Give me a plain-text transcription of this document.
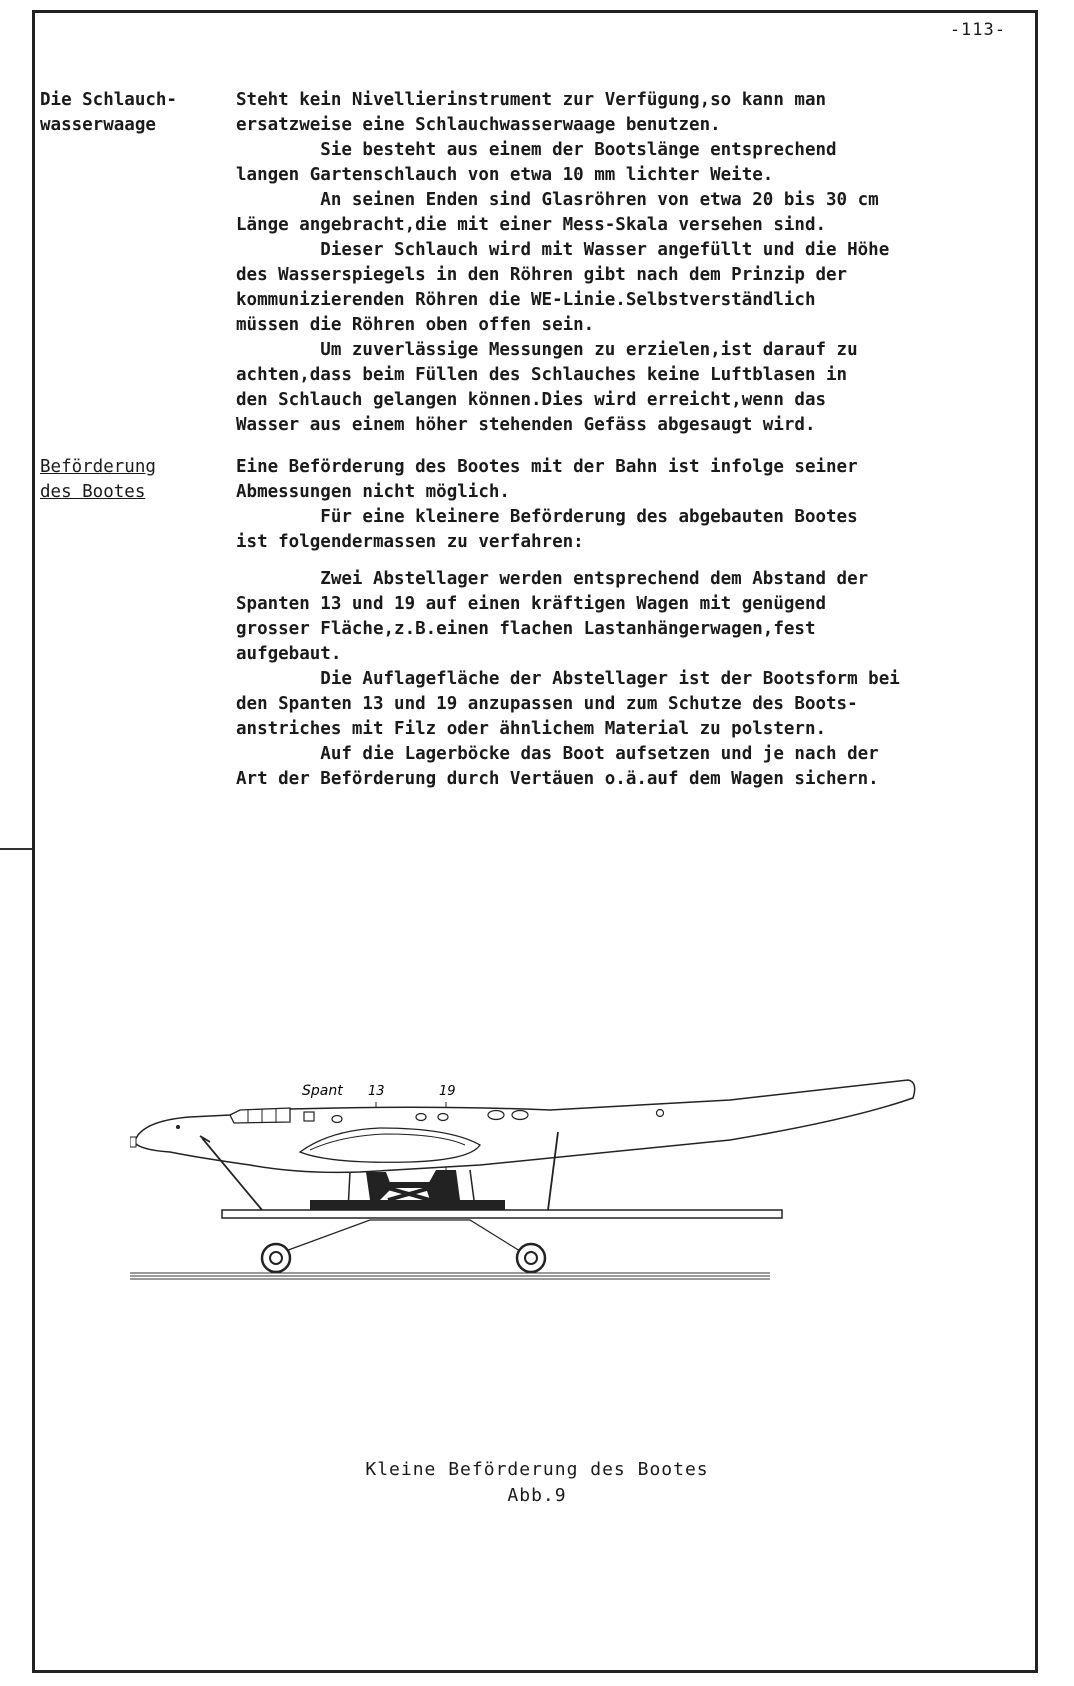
-113-
Die Schlauch-
wasserwaage

Steht kein Nivellierinstrument zur Verfügung,so kann man

ersatzweise eine Schlauchwasserwaage benutzen.

Sie besteht aus einem der Bootslänge entsprechend

langen Gartenschlauch von etwa 10 mm lichter Weite.

An seinen Enden sind Glasröhren von etwa 20 bis 30 cm

Länge angebracht,die mit einer Mess-Skala versehen sind.

Dieser Schlauch wird mit Wasser angefüllt und die Höhe

des Wasserspiegels in den Röhren gibt nach dem Prinzip der

kommunizierenden Röhren die WE-Linie.Selbstverständlich

müssen die Röhren oben offen sein.

Um zuverlässige Messungen zu erzielen,ist darauf zu

achten,dass beim Füllen des Schlauches keine Luftblasen in

den Schlauch gelangen können.Dies wird erreicht,wenn das

Wasser aus einem höher stehenden Gefäss abgesaugt wird.

Beförderung
des Bootes

Eine Beförderung des Bootes mit der Bahn ist infolge seiner

Abmessungen nicht möglich.

Für eine kleinere Beförderung des abgebauten Bootes

ist folgendermassen zu verfahren:

Zwei Abstellager werden entsprechend dem Abstand der

Spanten 13 und 19 auf einen kräftigen Wagen mit genügend

grosser Fläche,z.B.einen flachen Lastanhängerwagen,fest

aufgebaut.

Die Auflagefläche der Abstellager ist der Bootsform bei

den Spanten 13 und 19 anzupassen und zum Schutze des Boots-

anstriches mit Filz oder ähnlichem Material zu polstern.

Auf die Lagerböcke das Boot aufsetzen und je nach der

Art der Beförderung durch Vertäuen o.ä.auf dem Wagen sichern.

Spant 13	19
Kleine Beförderung des Bootes
Abb.9
